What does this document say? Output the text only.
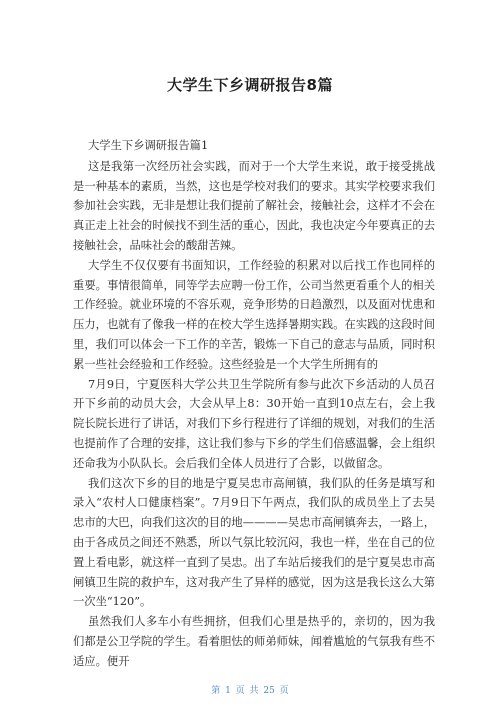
大学生下乡调研报告8篇

大学生下乡调研报告篇1

这是我第一次经历社会实践，而对于一个大学生来说，敢于接受挑战是一种基本的素质，当然，这也是学校对我们的要求。其实学校要求我们参加社会实践，无非是想让我们提前了解社会，接触社会，这样才不会在真正走上社会的时候找不到生活的重心，因此，我也决定今年要真正的去接触社会，品味社会的酸甜苦辣。

大学生不仅仅要有书面知识，工作经验的积累对以后找工作也同样的重要。事情很简单，同等学去应聘一份工作，公司当然更看重个人的相关工作经验。就业环境的不容乐观，竞争形势的日趋激烈，以及面对忧患和压力，也就有了像我一样的在校大学生选择暑期实践。在实践的这段时间里，我们可以体会一下工作的辛苦，锻炼一下自己的意志与品质，同时积累一些社会经验和工作经验。这些经验是一个大学生所拥有的

7月9日，宁夏医科大学公共卫生学院所有参与此次下乡活动的人员召开下乡前的动员大会，大会从早上8：30开始一直到10点左右，会上我院长院长进行了讲话，对我们下乡行程进行了详细的规划，对我们的生活也提前作了合理的安排，这让我们参与下乡的学生们倍感温馨，会上组织还命我为小队队长。会后我们全体人员进行了合影，以做留念。

我们这次下乡的目的地是宁夏吴忠市高闸镇，我们队的任务是填写和录入“农村人口健康档案”。7月9日下午两点，我们队的成员坐上了去吴忠市的大巴，向我们这次的目的地————吴忠市高闸镇奔去，一路上，由于各成员之间还不熟悉，所以气氛比较沉闷，我也一样，坐在自己的位置上看电影，就这样一直到了吴忠。出了车站后接我们的是宁夏吴忠市高闸镇卫生院的救护车，这对我产生了异样的感觉，因为这是我长这么大第一次坐“120”。

虽然我们人多车小有些拥挤，但我们心里是热乎的，亲切的，因为我们都是公卫学院的学生。看着胆怯的师弟师妹，闻着尴尬的气氛我有些不适应。便开

第 1 页 共 25 页
